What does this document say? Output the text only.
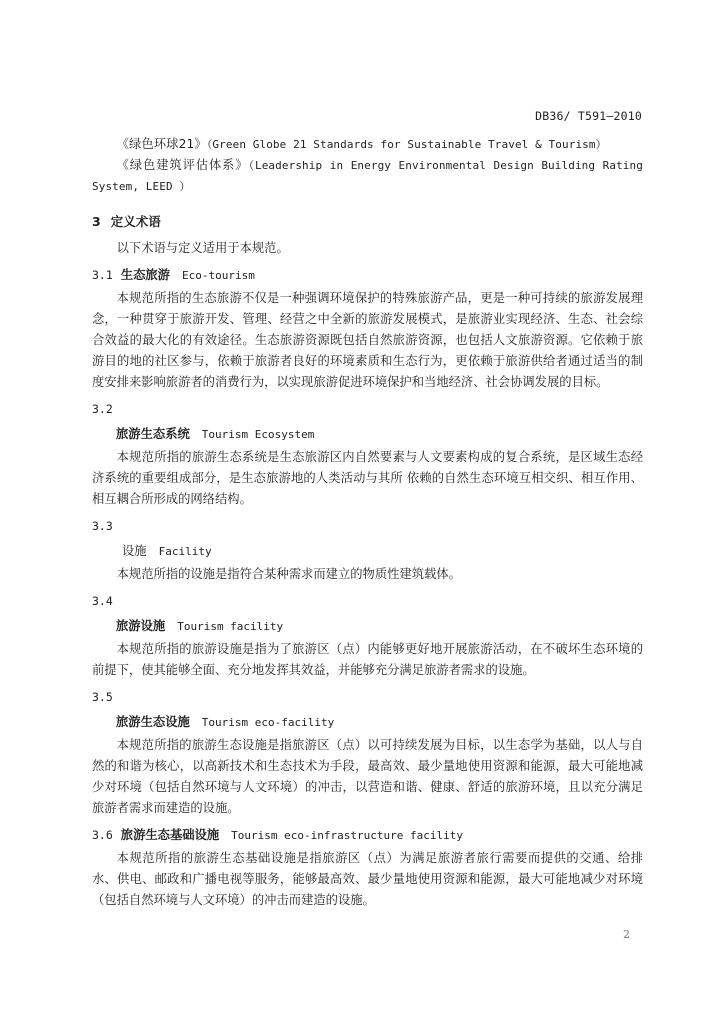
DB36/ T591—2010

《绿色环球21》（Green Globe 21 Standards for Sustainable Travel & Tourism）

《绿色建筑评估体系》（Leadership in Energy Environmental Design Building Rating System, LEED ）

3 定义术语

以下术语与定义适用于本规范。

3.1 生态旅游 Eco-tourism

本规范所指的生态旅游不仅是一种强调环境保护的特殊旅游产品，更是一种可持续的旅游发展理念，一种贯穿于旅游开发、管理、经营之中全新的旅游发展模式，是旅游业实现经济、生态、社会综合效益的最大化的有效途径。生态旅游资源既包括自然旅游资源，也包括人文旅游资源。它依赖于旅游目的地的社区参与，依赖于旅游者良好的环境素质和生态行为，更依赖于旅游供给者通过适当的制度安排来影响旅游者的消费行为，以实现旅游促进环境保护和当地经济、社会协调发展的目标。

3.2
旅游生态系统 Tourism Ecosystem

本规范所指的旅游生态系统是生态旅游区内自然要素与人文要素构成的复合系统，是区域生态经济系统的重要组成部分，是生态旅游地的人类活动与其所 依赖的自然生态环境互相交织、相互作用、相互耦合所形成的网络结构。

3.3
设施 Facility

本规范所指的设施是指符合某种需求而建立的物质性建筑载体。

3.4
旅游设施 Tourism facility

本规范所指的旅游设施是指为了旅游区（点）内能够更好地开展旅游活动，在不破坏生态环境的前提下，使其能够全面、充分地发挥其效益，并能够充分满足旅游者需求的设施。

3.5
旅游生态设施 Tourism eco-facility

本规范所指的旅游生态设施是指旅游区（点）以可持续发展为目标，以生态学为基础，以人与自然的和谐为核心，以高新技术和生态技术为手段，最高效、最少量地使用资源和能源，最大可能地减少对环境（包括自然环境与人文环境）的冲击，以营造和谐、健康、舒适的旅游环境，且以充分满足旅游者需求而建造的设施。

3.6 旅游生态基础设施 Tourism eco-infrastructure facility

本规范所指的旅游生态基础设施是指旅游区（点）为满足旅游者旅行需要而提供的交通、给排水、供电、邮政和广播电视等服务，能够最高效、最少量地使用资源和能源，最大可能地减少对环境（包括自然环境与人文环境）的冲击而建造的设施。

2
